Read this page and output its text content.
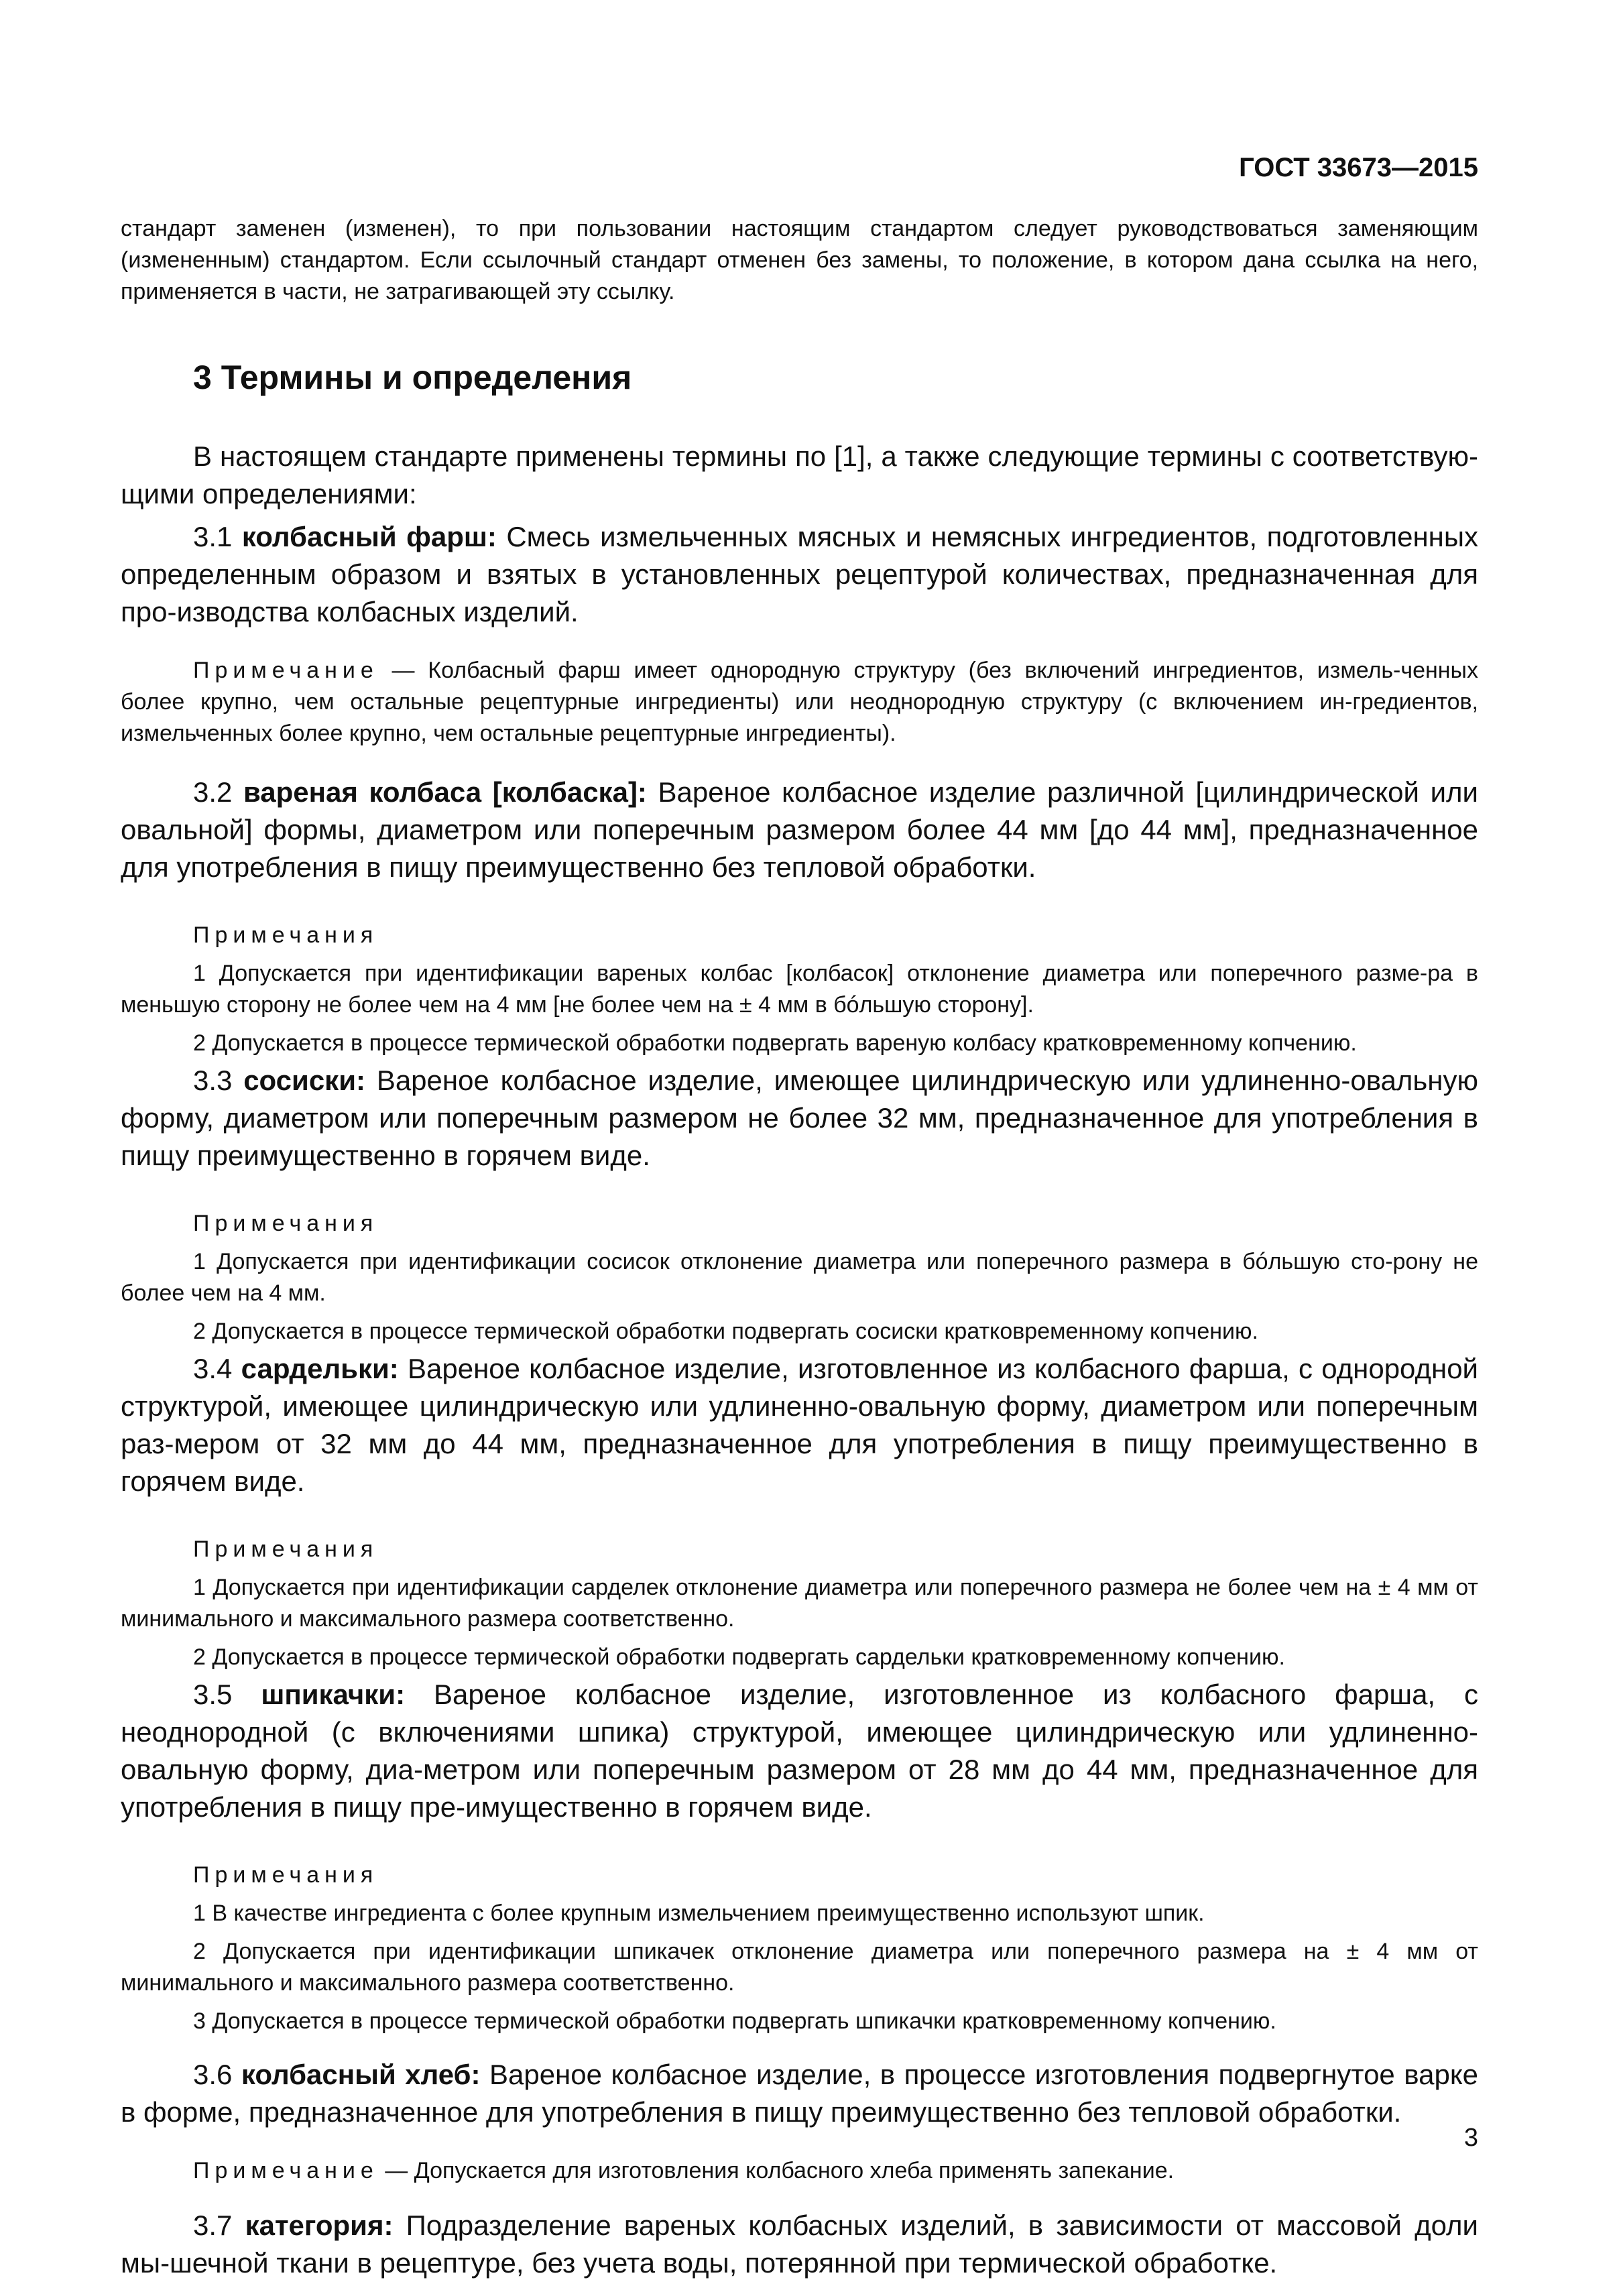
ГОСТ 33673—2015

стандарт заменен (изменен), то при пользовании настоящим стандартом следует руководствоваться заменяющим (измененным) стандартом. Если ссылочный стандарт отменен без замены, то положение, в котором дана ссылка на него, применяется в части, не затрагивающей эту ссылку.

3 Термины и определения

В настоящем стандарте применены термины по [1], а также следующие термины с соответствую-щими определениями:

3.1 колбасный фарш: Смесь измельченных мясных и немясных ингредиентов, подготовленных определенным образом и взятых в установленных рецептурой количествах, предназначенная для про-изводства колбасных изделий.

Примечание — Колбасный фарш имеет однородную структуру (без включений ингредиентов, измель-ченных более крупно, чем остальные рецептурные ингредиенты) или неоднородную структуру (с включением ин-гредиентов, измельченных более крупно, чем остальные рецептурные ингредиенты).

3.2 вареная колбаса [колбаска]: Вареное колбасное изделие различной [цилиндрической или овальной] формы, диаметром или поперечным размером более 44 мм [до 44 мм], предназначенное для употребления в пищу преимущественно без тепловой обработки.

Примечания

1 Допускается при идентификации вареных колбас [колбасок] отклонение диаметра или поперечного разме-ра в меньшую сторону не более чем на 4 мм [не более чем на ± 4 мм в бóльшую сторону].

2 Допускается в процессе термической обработки подвергать вареную колбасу кратковременному копчению.

3.3 сосиски: Вареное колбасное изделие, имеющее цилиндрическую или удлиненно-овальную форму, диаметром или поперечным размером не более 32 мм, предназначенное для употребления в пищу преимущественно в горячем виде.

Примечания

1 Допускается при идентификации сосисок отклонение диаметра или поперечного размера в бóльшую сто-рону не более чем на 4 мм.

2 Допускается в процессе термической обработки подвергать сосиски кратковременному копчению.

3.4 сардельки: Вареное колбасное изделие, изготовленное из колбасного фарша, с однородной структурой, имеющее цилиндрическую или удлиненно-овальную форму, диаметром или поперечным раз-мером от 32 мм до 44 мм, предназначенное для употребления в пищу преимущественно в горячем виде.

Примечания

1 Допускается при идентификации сарделек отклонение диаметра или поперечного размера не более чем на ± 4 мм от минимального и максимального размера соответственно.

2 Допускается в процессе термической обработки подвергать сардельки кратковременному копчению.

3.5 шпикачки: Вареное колбасное изделие, изготовленное из колбасного фарша, с неоднородной (с включениями шпика) структурой, имеющее цилиндрическую или удлиненно-овальную форму, диа-метром или поперечным размером от 28 мм до 44 мм, предназначенное для употребления в пищу пре-имущественно в горячем виде.

Примечания

1 В качестве ингредиента с более крупным измельчением преимущественно используют шпик.

2 Допускается при идентификации шпикачек отклонение диаметра или поперечного размера на ± 4 мм от минимального и максимального размера соответственно.

3 Допускается в процессе термической обработки подвергать шпикачки кратковременному копчению.

3.6 колбасный хлеб: Вареное колбасное изделие, в процессе изготовления подвергнутое варке в форме, предназначенное для употребления в пищу преимущественно без тепловой обработки.

Примечание — Допускается для изготовления колбасного хлеба применять запекание.

3.7 категория: Подразделение вареных колбасных изделий, в зависимости от массовой доли мы-шечной ткани в рецептуре, без учета воды, потерянной при термической обработке.

3
